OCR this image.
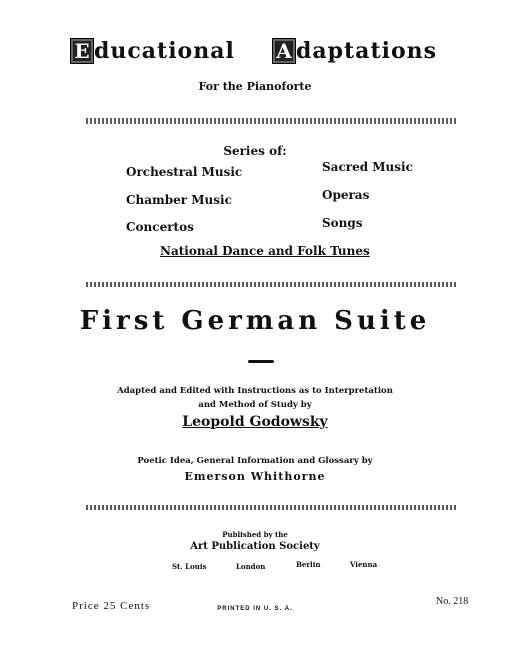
E ducational A daptations
For the Pianoforte
Series of:
Orchestral Music	Sacred Music
Chamber Music	Operas
Concertos	Songs
National Dance and Folk Tunes
First German Suite
Adapted and Edited with Instructions as to Interpretation
and Method of Study by
Leopold Godowsky
Poetic Idea, General Information and Glossary by
Emerson Whithorne
Published by the
Art Publication Society
St. Louis	London	Berlin	Vienna
Price 25 Cents	No. 218
PRINTED IN U. S. A.
